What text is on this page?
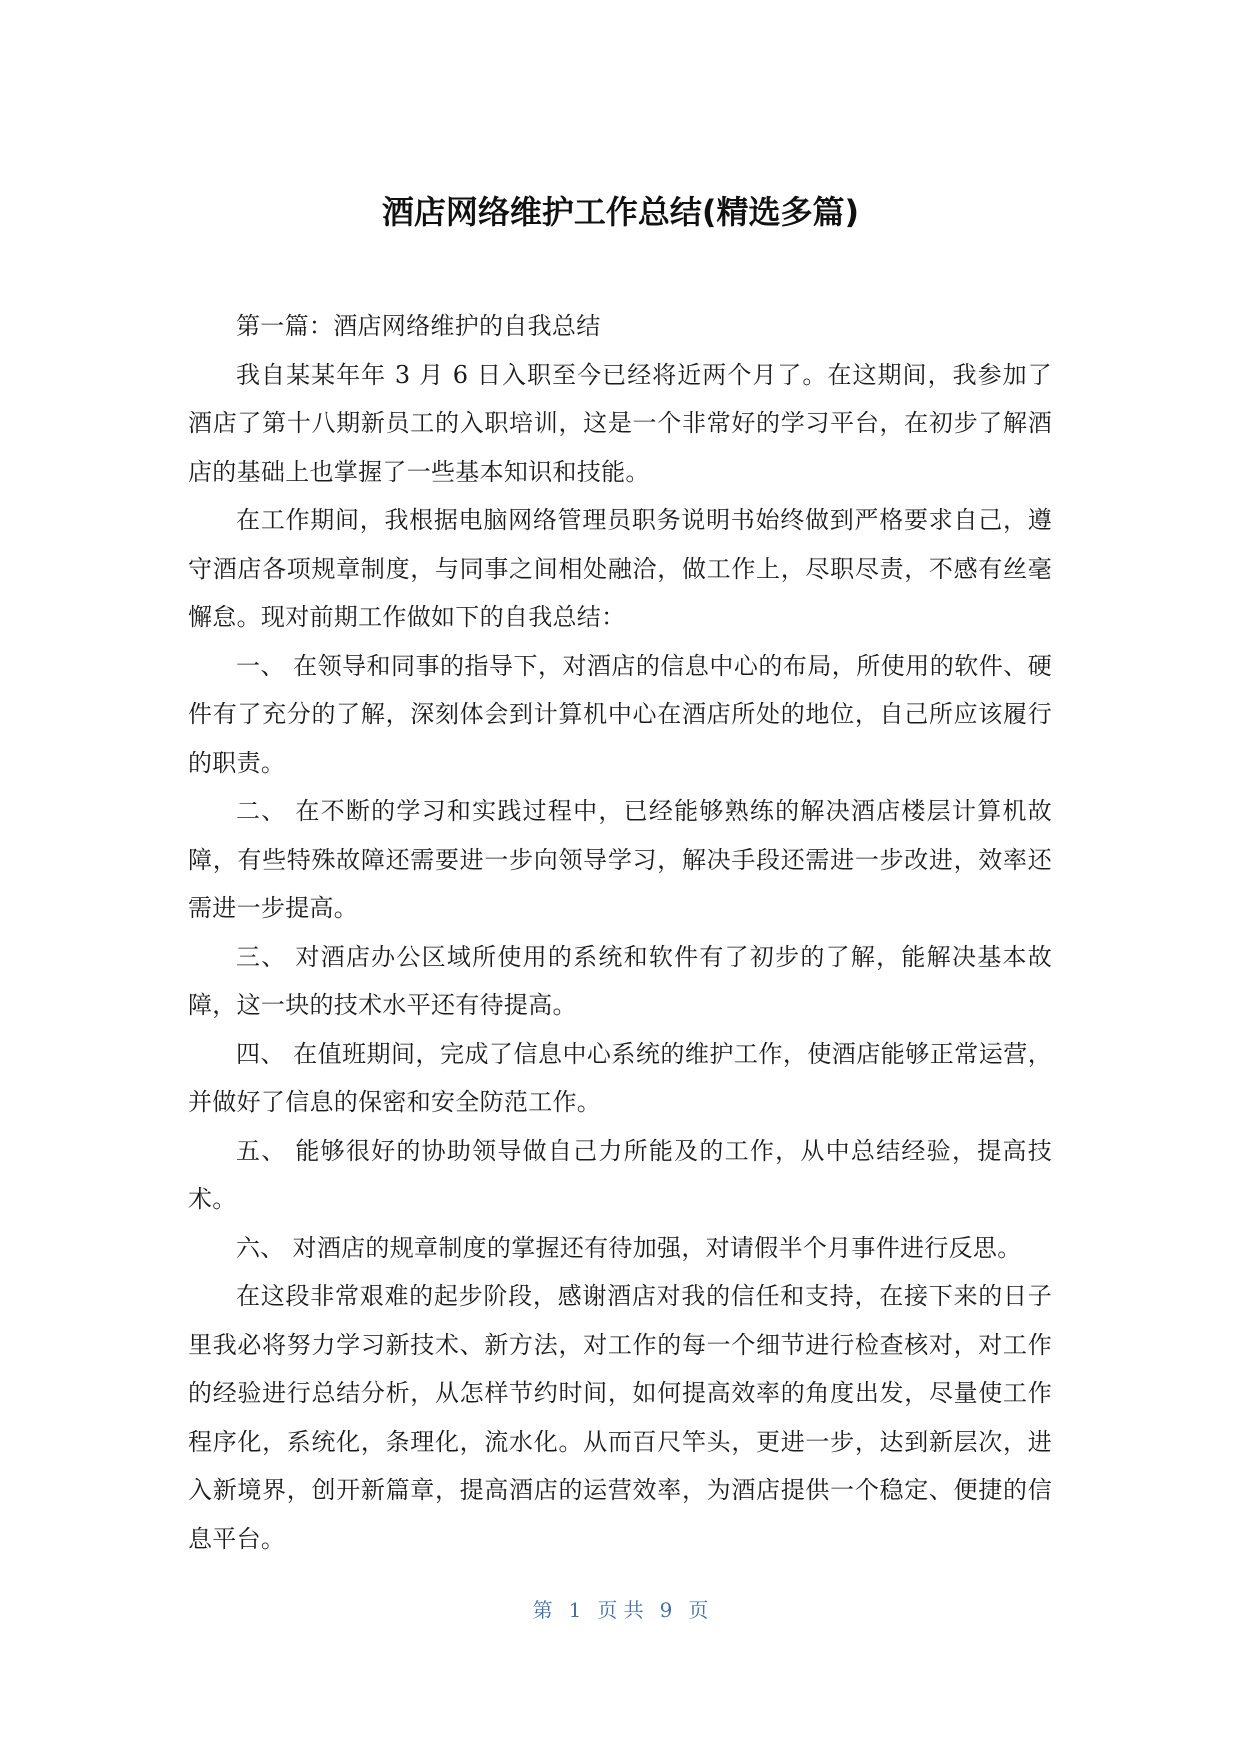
酒店网络维护工作总结(精选多篇)

第一篇：酒店网络维护的自我总结

我自某某年年 3 月 6 日入职至今已经将近两个月了。在这期间，我参加了酒店了第十八期新员工的入职培训，这是一个非常好的学习平台，在初步了解酒店的基础上也掌握了一些基本知识和技能。

在工作期间，我根据电脑网络管理员职务说明书始终做到严格要求自己，遵守酒店各项规章制度，与同事之间相处融洽，做工作上，尽职尽责，不感有丝毫懈怠。现对前期工作做如下的自我总结：

一、 在领导和同事的指导下，对酒店的信息中心的布局，所使用的软件、硬件有了充分的了解，深刻体会到计算机中心在酒店所处的地位，自己所应该履行的职责。

二、 在不断的学习和实践过程中，已经能够熟练的解决酒店楼层计算机故障，有些特殊故障还需要进一步向领导学习，解决手段还需进一步改进，效率还需进一步提高。

三、 对酒店办公区域所使用的系统和软件有了初步的了解，能解决基本故障，这一块的技术水平还有待提高。

四、 在值班期间，完成了信息中心系统的维护工作，使酒店能够正常运营，并做好了信息的保密和安全防范工作。

五、 能够很好的协助领导做自己力所能及的工作，从中总结经验，提高技术。

六、 对酒店的规章制度的掌握还有待加强，对请假半个月事件进行反思。

在这段非常艰难的起步阶段，感谢酒店对我的信任和支持，在接下来的日子里我必将努力学习新技术、新方法，对工作的每一个细节进行检查核对，对工作的经验进行总结分析，从怎样节约时间，如何提高效率的角度出发，尽量使工作程序化，系统化，条理化，流水化。从而百尺竿头，更进一步，达到新层次，进入新境界，创开新篇章，提高酒店的运营效率，为酒店提供一个稳定、便捷的信息平台。

第 1 页 共 9 页
